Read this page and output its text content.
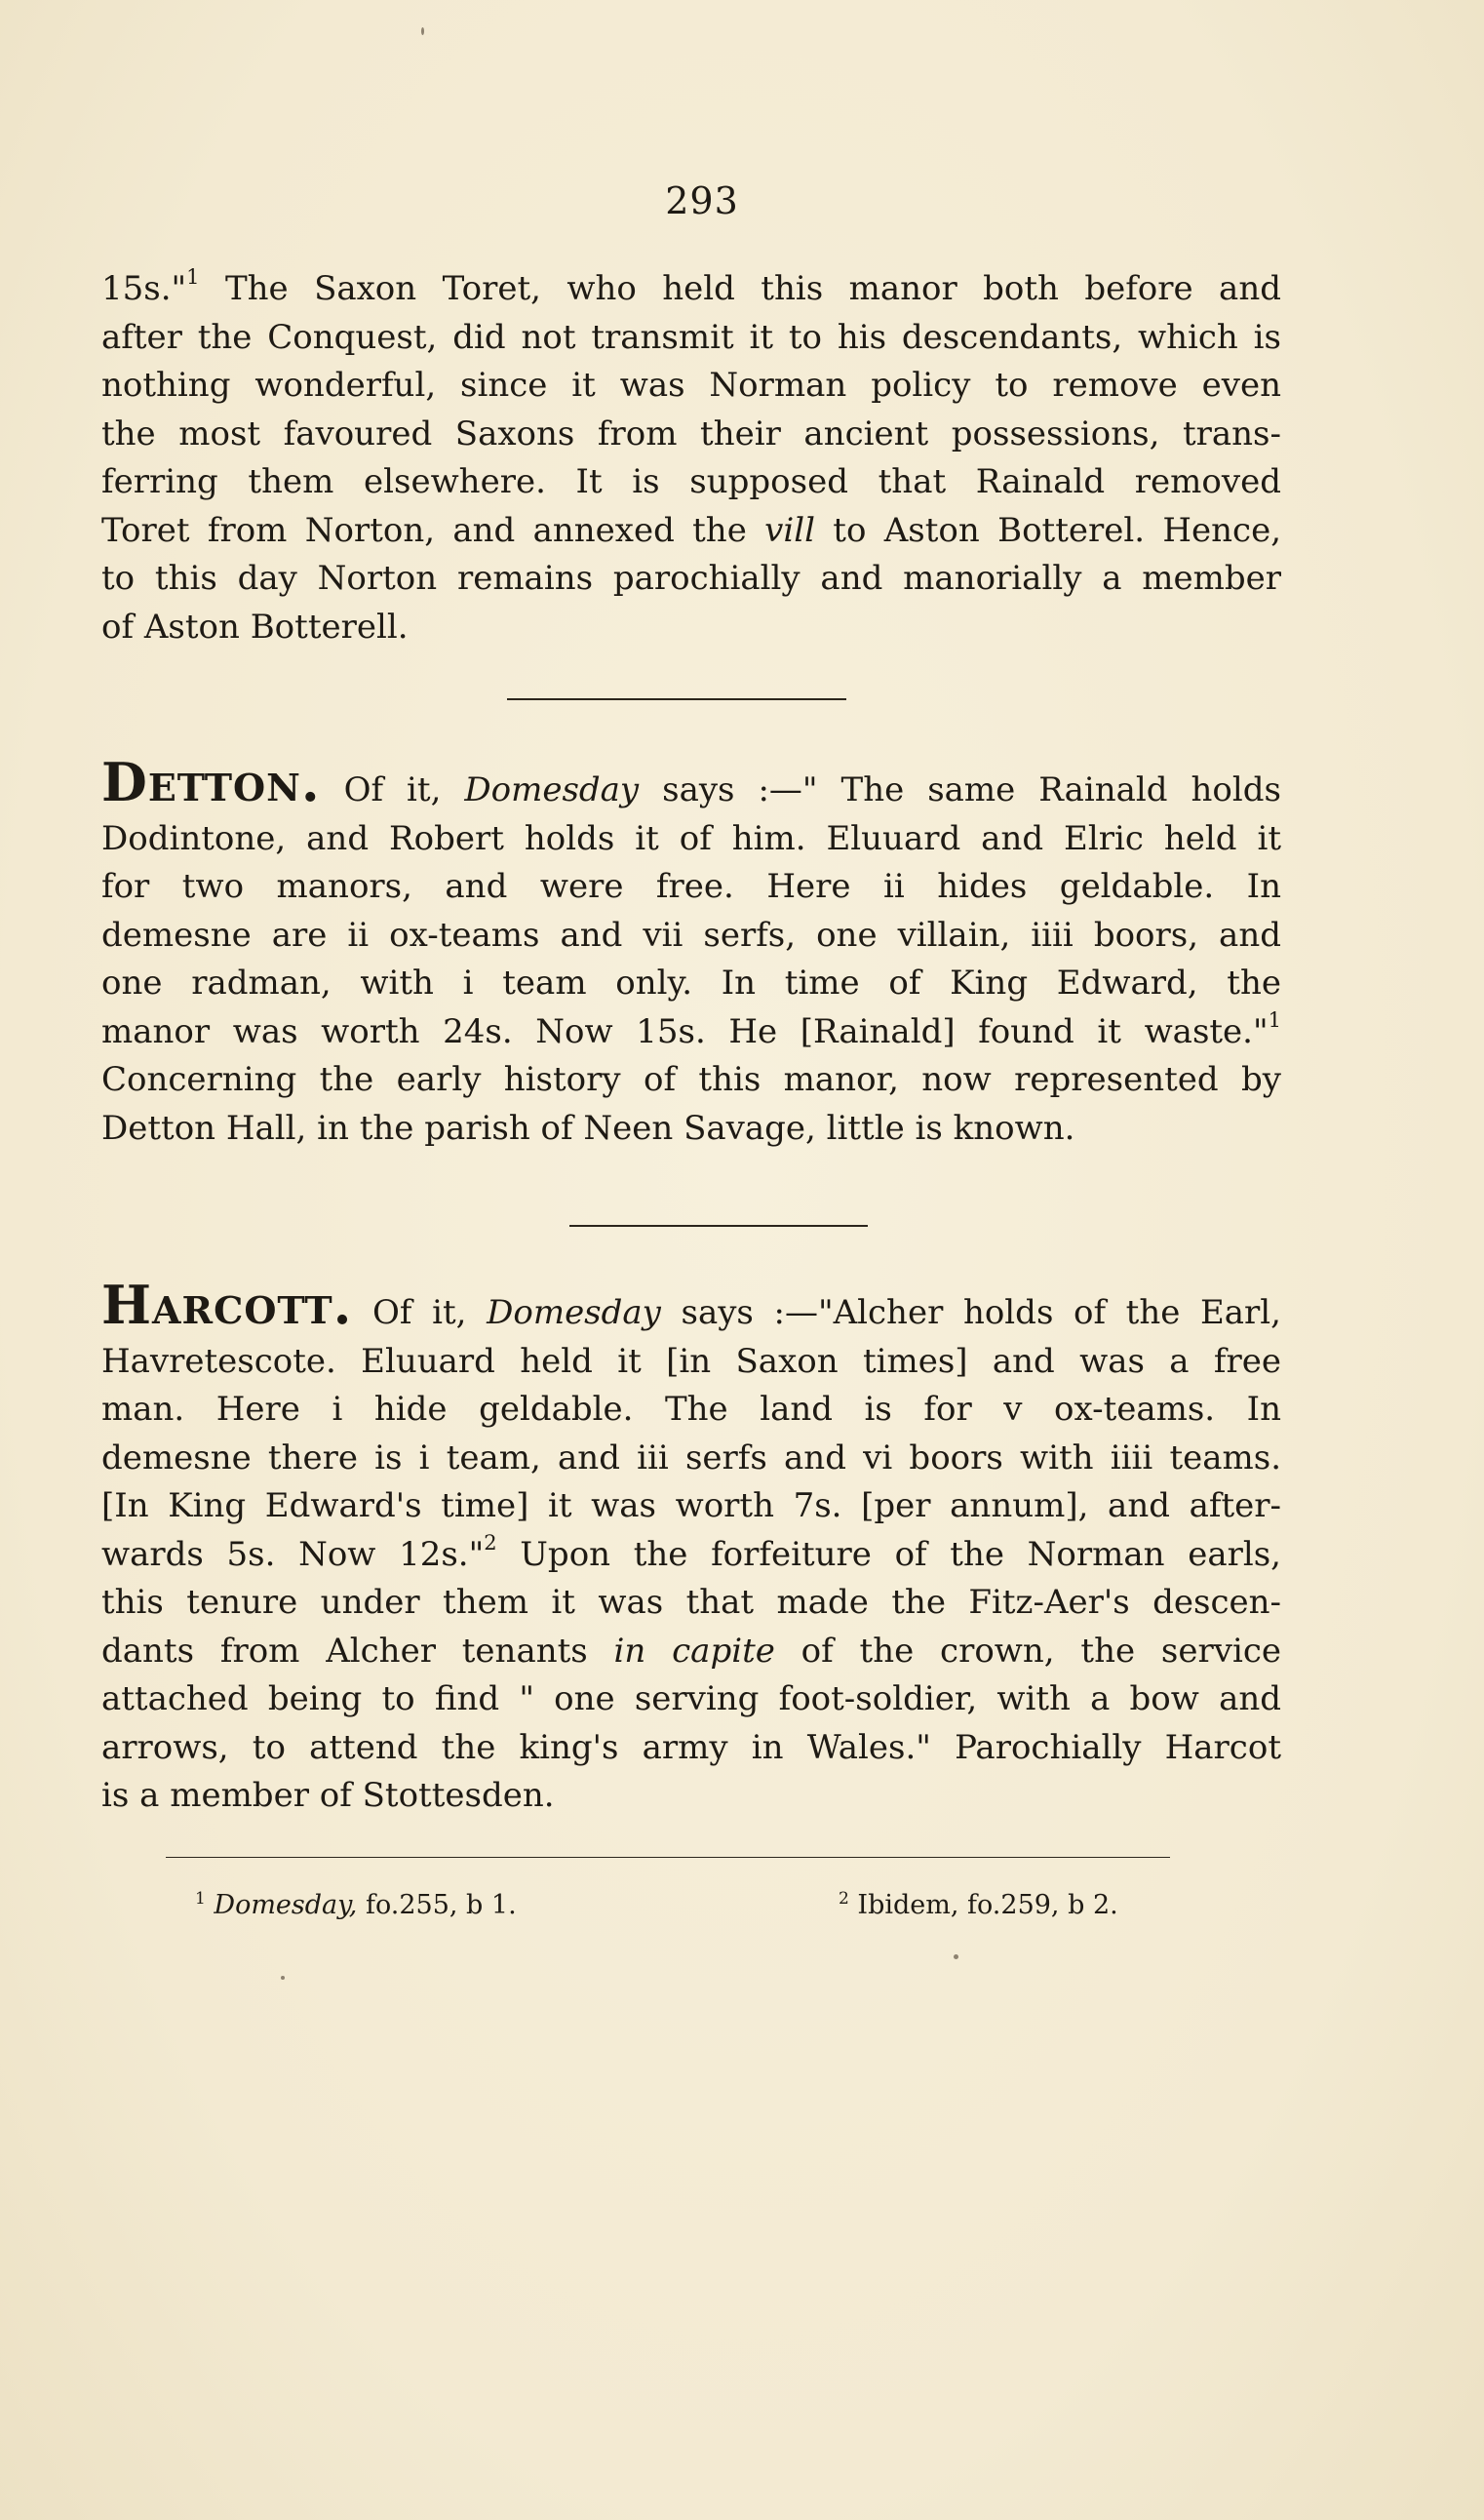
293
15s."$^1$ The Saxon Toret, who held this manor both before and
after the Conquest, did not transmit it to his descendants, which is
nothing wonderful, since it was Norman policy to remove even
the most favoured Saxons from their ancient possessions, trans-
ferring them elsewhere. It is supposed that Rainald removed
Toret from Norton, and annexed the vill to Aston Botterel. Hence,
to this day Norton remains parochially and manorially a member
of Aston Botterell.
Detton. Of it, Domesday says :—" The same Rainald holds
Dodintone, and Robert holds it of him. Eluuard and Elric held it
for two manors, and were free. Here ii hides geldable. In
demesne are ii ox-teams and vii serfs, one villain, iiii boors, and
one radman, with i team only. In time of King Edward, the
manor was worth 24s. Now 15s. He [Rainald] found it waste."$^1$
Concerning the early history of this manor, now represented by
Detton Hall, in the parish of Neen Savage, little is known.
Harcott. Of it, Domesday says :—"Alcher holds of the Earl,
Havretescote. Eluuard held it [in Saxon times] and was a free
man. Here i hide geldable. The land is for v ox-teams. In
demesne there is i team, and iii serfs and vi boors with iiii teams.
[In King Edward's time] it was worth 7s. [per annum], and after-
wards 5s. Now 12s."$^2$ Upon the forfeiture of the Norman earls,
this tenure under them it was that made the Fitz-Aer's descen-
dants from Alcher tenants in capite of the crown, the service
attached being to find " one serving foot-soldier, with a bow and
arrows, to attend the king's army in Wales." Parochially Harcot
is a member of Stottesden.
$^1$ Domesday, fo.255, b 1.	$^2$ Ibidem, fo.259, b 2.
